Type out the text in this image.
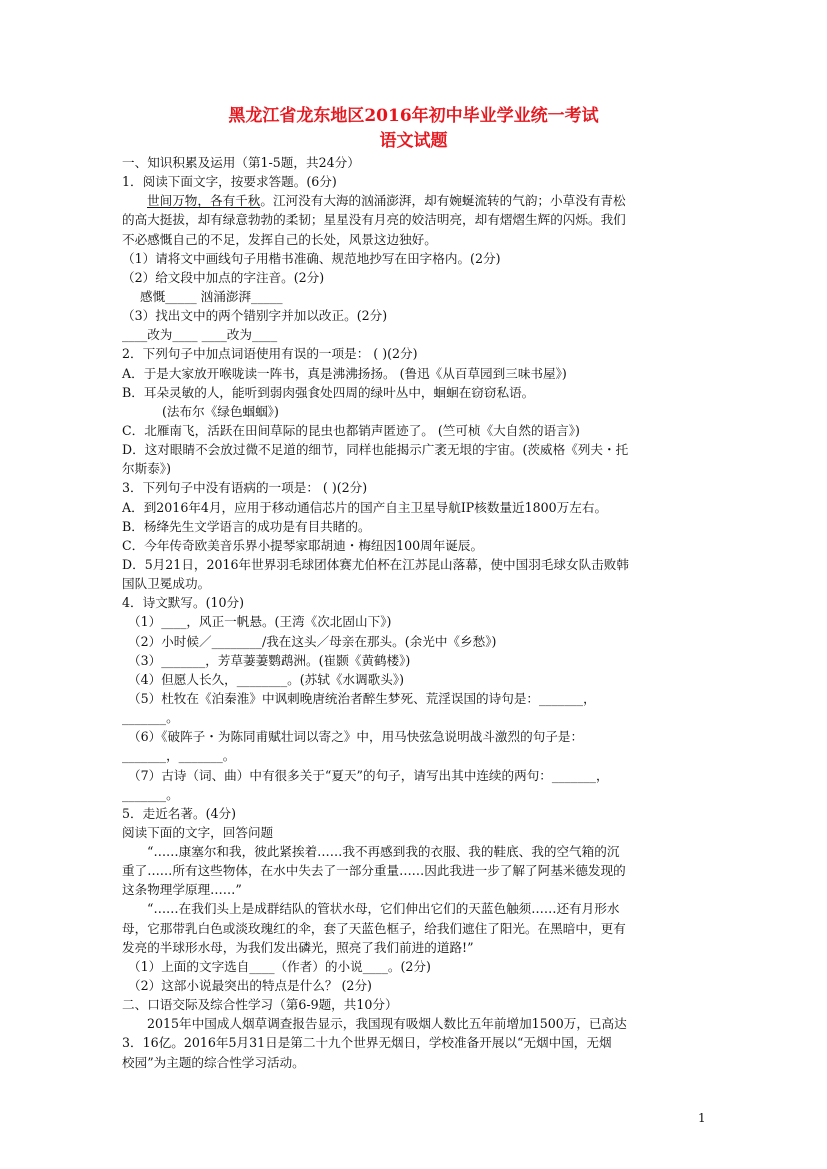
黑龙江省龙东地区2016年初中毕业学业统一考试
语文试题
一、知识积累及运用（第1-5题，共24分）
1．阅读下面文字，按要求答题。(6分)
世间万物，各有千秋。江河没有大海的汹涌澎湃，却有婉蜒流转的气韵；小草没有青松
的高大挺拔，却有绿意勃勃的柔韧；星星没有月亮的姣洁明亮，却有熠熠生辉的闪烁。我们
不必感慨自己的不足，发挥自己的长处，风景这边独好。
（1）请将文中画线句子用楷书准确、规范地抄写在田字格内。(2分)
（2）给文段中加点的字注音。(2分)
感慨_____ 汹涌澎湃_____
（3）找出文中的两个错别字并加以改正。(2分)
____改为____ ____改为____
2．下列句子中加点词语使用有误的一项是： ( )(2分)
A．于是大家放开喉咙读一阵书，真是沸沸扬扬。 (鲁迅《从百草园到三味书屋》)
B．耳朵灵敏的人，能听到弱肉强食处四周的绿叶丛中，蛔蛔在窃窃私语。
(法布尔《绿色蝈蝈》)
C．北雁南飞，活跃在田间草际的昆虫也都销声匿迹了。 (竺可桢《大自然的语言》)
D．这对眼睛不会放过微不足道的细节，同样也能揭示广袤无垠的宇宙。(茨威格《列夫・托
尔斯泰》)
3．下列句子中没有语病的一项是： ( )(2分)
A．到2016年4月，应用于移动通信芯片的国产自主卫星导航IP核数量近1800万左右。
B．杨绛先生文学语言的成功是有目共睹的。
C．今年传奇欧美音乐界小提琴家耶胡迪・梅纽因100周年诞辰。
D．5月21日，2016年世界羽毛球团体赛尤伯杯在江苏昆山落幕，使中国羽毛球女队击败韩
国队卫冕成功。
4．诗文默写。(10分)
（1）____，风正一帆悬。(王湾《次北固山下》)
（2）小时候／________/我在这头／母亲在那头。(余光中《乡愁》)
（3）_______，芳草萋萋鹦鹉洲。(崔颢《黄鹤楼》)
（4）但愿人长久，________。(苏轼《水调歌头》)
（5）杜牧在《泊秦淮》中讽刺晚唐统治者醉生梦死、荒淫误国的诗句是：_______，
_______。
（6）《破阵子・为陈同甫赋壮词以寄之》中，用马快弦急说明战斗激烈的句子是：
_______，_______。
（7）古诗（词、曲）中有很多关于“夏天”的句子，请写出其中连续的两句：_______，
_______。
5．走近名著。(4分)
阅读下面的文字，回答问题
“……康塞尔和我，彼此紧挨着……我不再感到我的衣服、我的鞋底、我的空气箱的沉
重了……所有这些物体，在水中失去了一部分重量……因此我进一步了解了阿基米德发现的
这条物理学原理……”
“……在我们头上是成群结队的管状水母，它们伸出它们的天蓝色触须……还有月形水
母，它那带乳白色或淡玫瑰红的伞，套了天蓝色框子，给我们遮住了阳光。在黑暗中，更有
发亮的半球形水母，为我们发出磷光，照亮了我们前进的道路!”
（1）上面的文字选自____（作者）的小说____。(2分)
（2）这部小说最突出的特点是什么？ (2分)
二、口语交际及综合性学习（第6-9题，共10分）
2015年中国成人烟草调查报告显示，我国现有吸烟人数比五年前增加1500万，已高达
3．16亿。2016年5月31日是第二十九个世界无烟日，学校准备开展以“无烟中国，无烟
校园”为主题的综合性学习活动。
1
